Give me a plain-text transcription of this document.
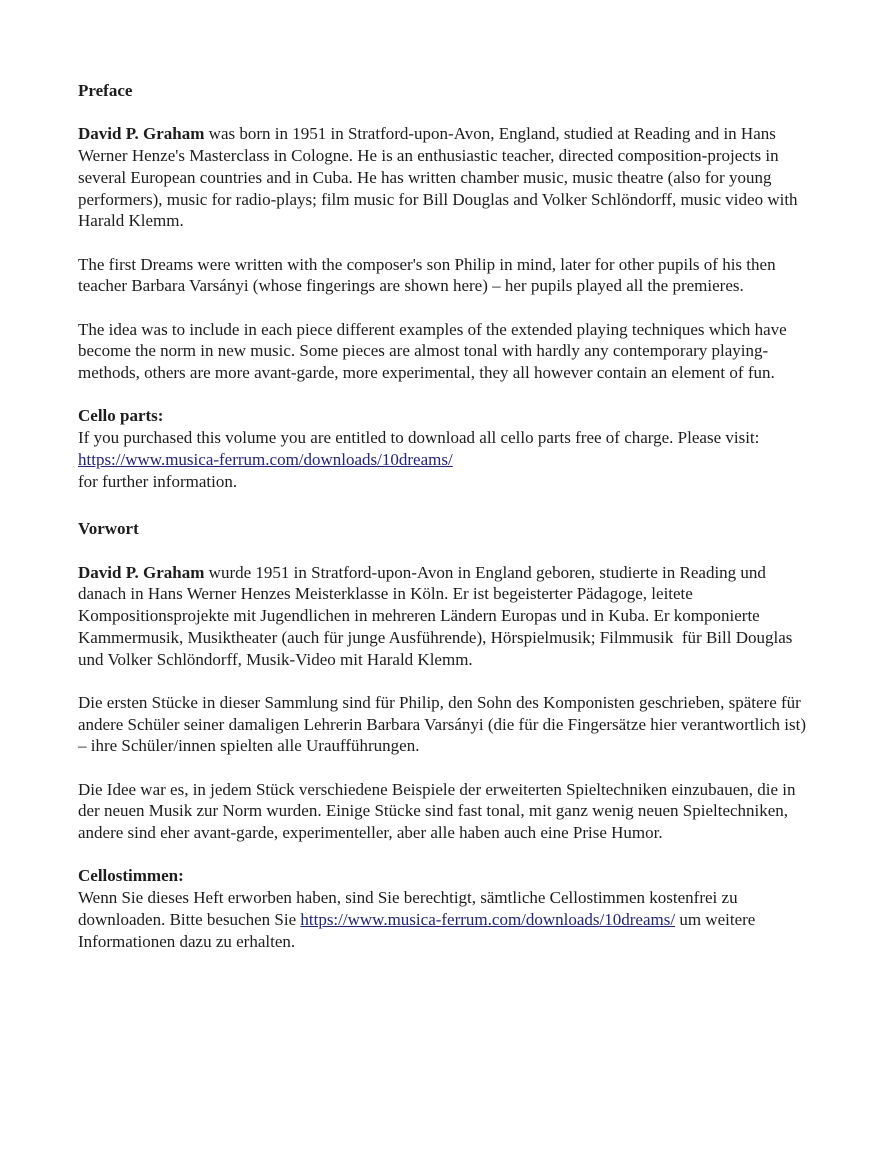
Preface

David P. Graham was born in 1951 in Stratford-upon-Avon, England, studied at Reading and in Hans Werner Henze's Masterclass in Cologne. He is an enthusiastic teacher, directed composition-projects in several European countries and in Cuba. He has written chamber music, music theatre (also for young performers), music for radio-plays; film music for Bill Douglas and Volker Schlöndorff, music video with Harald Klemm.

The first Dreams were written with the composer's son Philip in mind, later for other pupils of his then teacher Barbara Varsányi (whose fingerings are shown here) – her pupils played all the premieres.

The idea was to include in each piece different examples of the extended playing techniques which have become the norm in new music. Some pieces are almost tonal with hardly any contemporary playing-methods, others are more avant-garde, more experimental, they all however contain an element of fun.

Cello parts:

If you purchased this volume you are entitled to download all cello parts free of charge. Please visit: https://www.musica-ferrum.com/downloads/10dreams/
for further information.

Vorwort

David P. Graham wurde 1951 in Stratford-upon-Avon in England geboren, studierte in Reading und danach in Hans Werner Henzes Meisterklasse in Köln. Er ist begeisterter Pädagoge, leitete Kompositionsprojekte mit Jugendlichen in mehreren Ländern Europas und in Kuba. Er komponierte Kammermusik, Musiktheater (auch für junge Ausführende), Hörspielmusik; Filmmusik  für Bill Douglas und Volker Schlöndorff, Musik-Video mit Harald Klemm.

Die ersten Stücke in dieser Sammlung sind für Philip, den Sohn des Komponisten geschrieben, spätere für andere Schüler seiner damaligen Lehrerin Barbara Varsányi (die für die Fingersätze hier verantwortlich ist) – ihre Schüler/innen spielten alle Uraufführungen.

Die Idee war es, in jedem Stück verschiedene Beispiele der erweiterten Spieltechniken einzubauen, die in der neuen Musik zur Norm wurden. Einige Stücke sind fast tonal, mit ganz wenig neuen Spieltechniken, andere sind eher avant-garde, experimenteller, aber alle haben auch eine Prise Humor.

Cellostimmen:

Wenn Sie dieses Heft erworben haben, sind Sie berechtigt, sämtliche Cellostimmen kostenfrei zu downloaden. Bitte besuchen Sie https://www.musica-ferrum.com/downloads/10dreams/ um weitere Informationen dazu zu erhalten.
